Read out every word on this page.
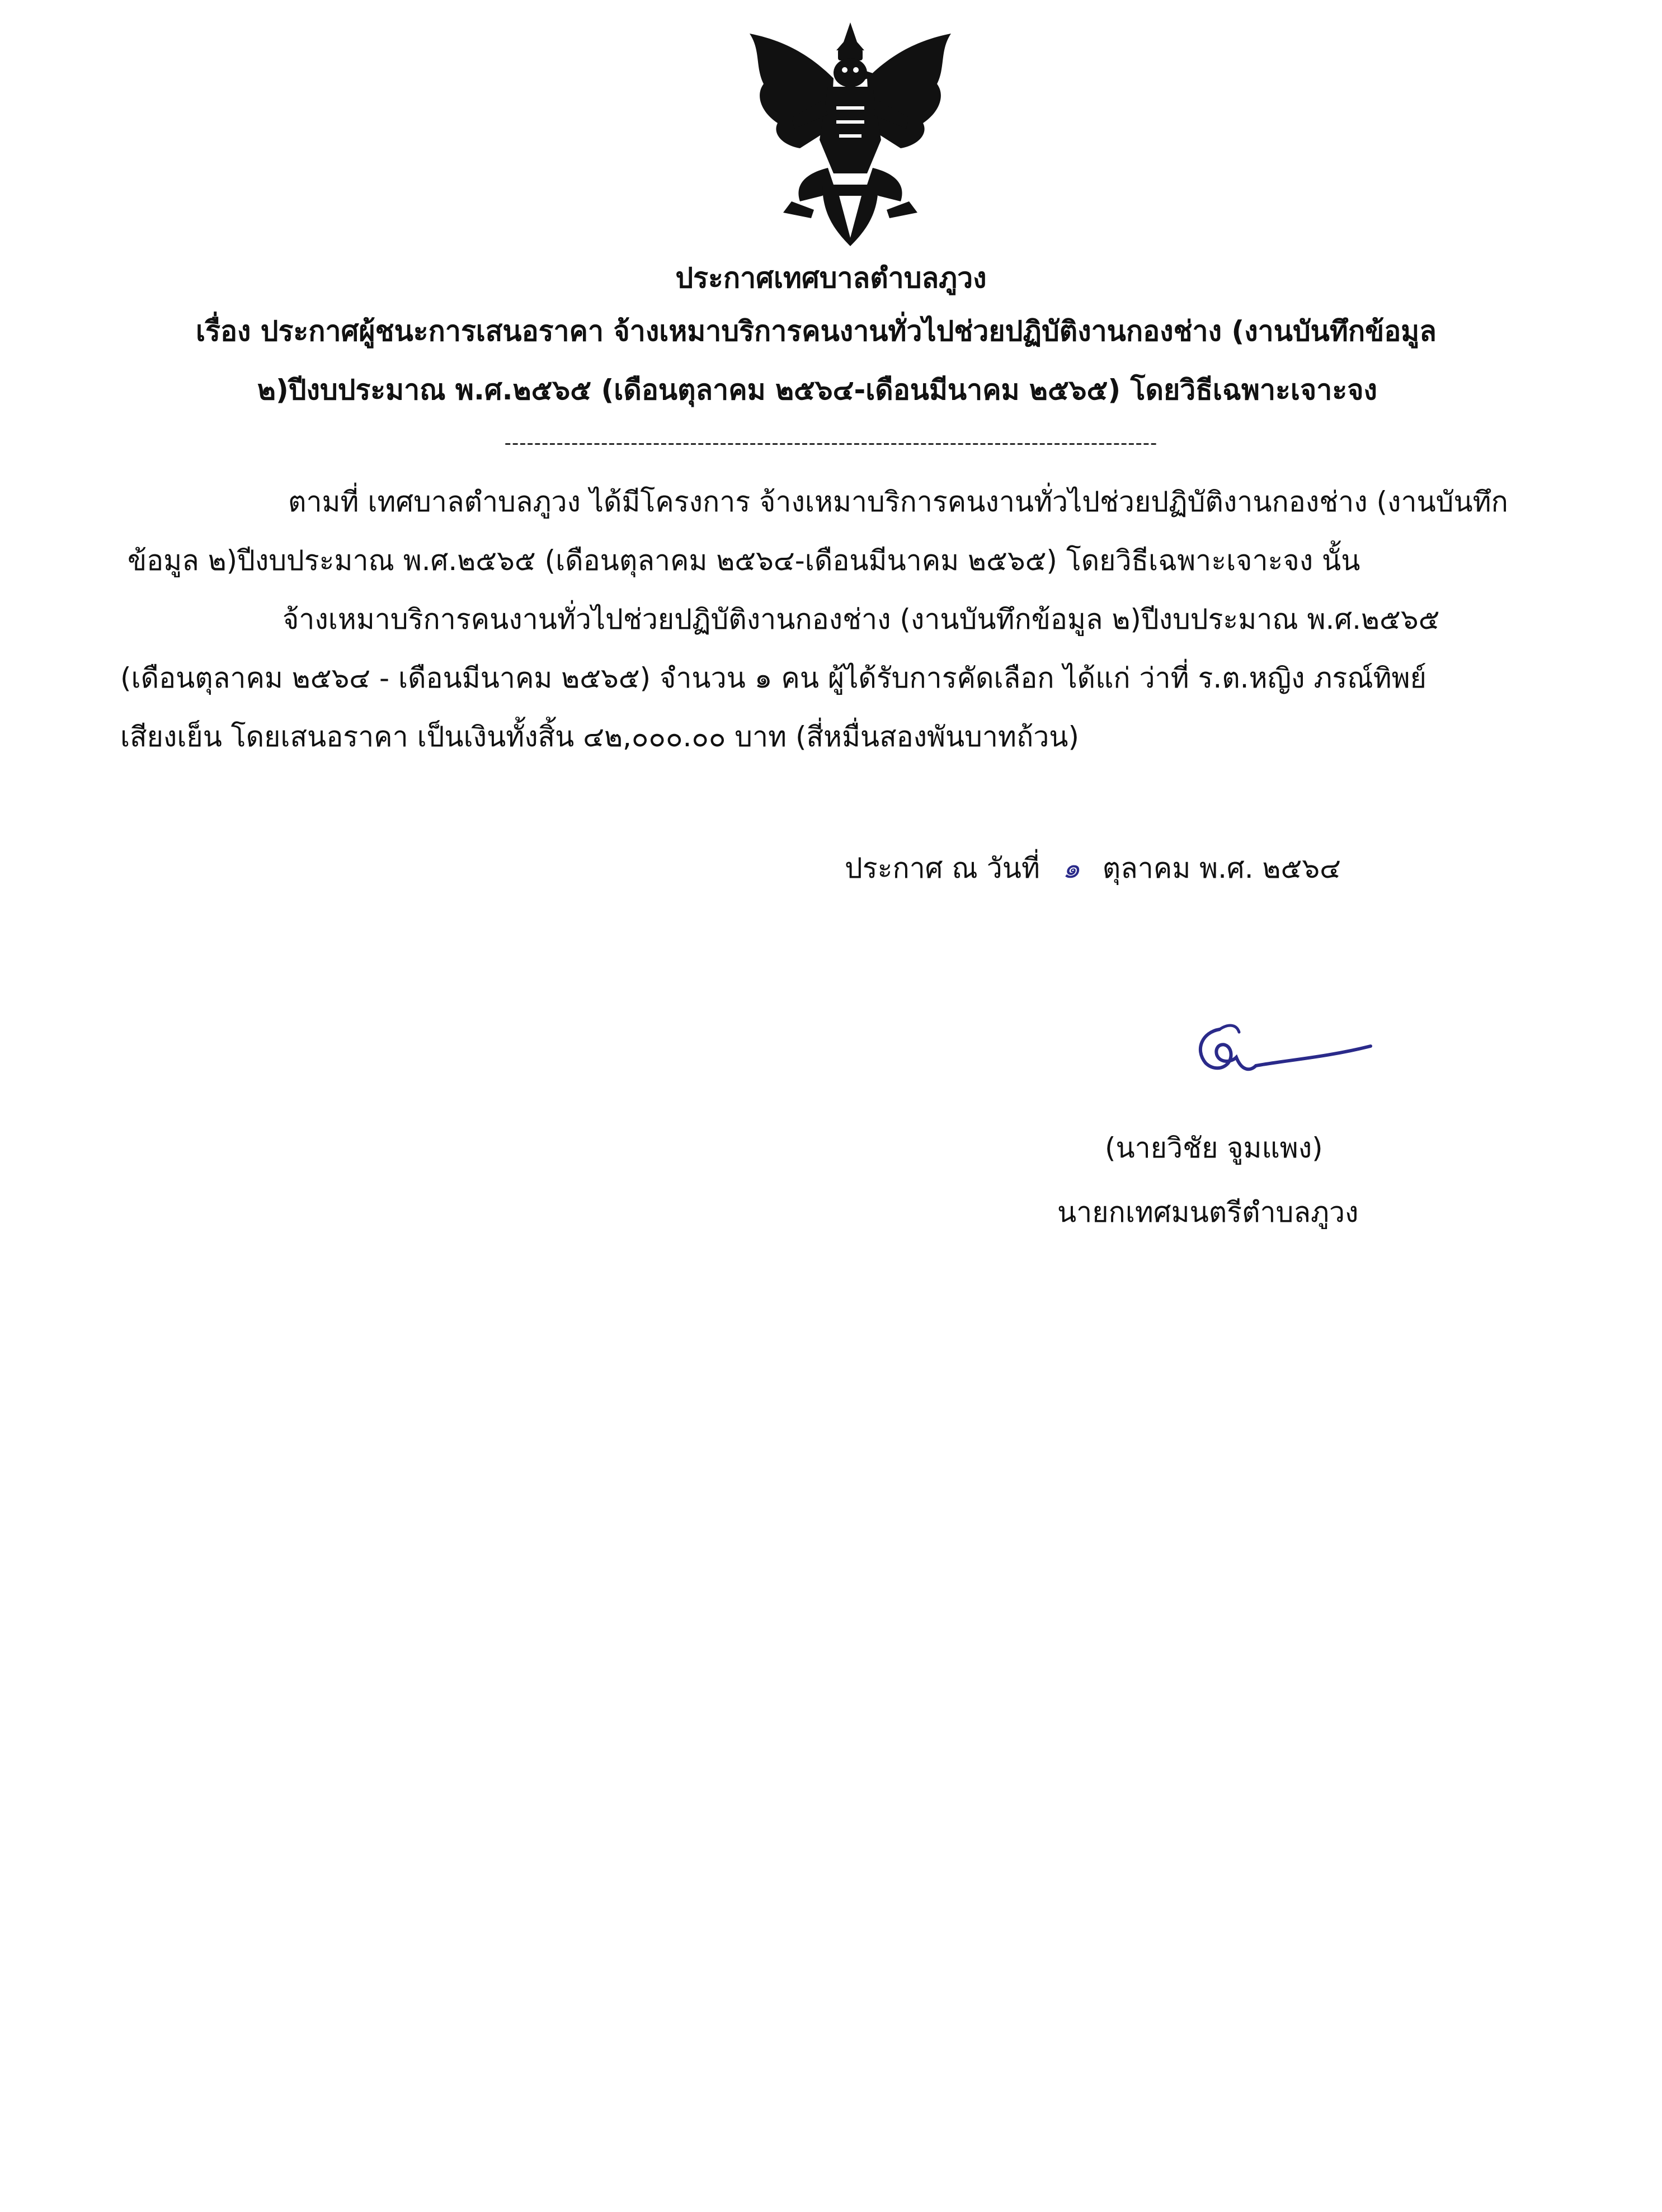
ประกาศเทศบาลตำบลภูวง
เรื่อง ประกาศผู้ชนะการเสนอราคา จ้างเหมาบริการคนงานทั่วไปช่วยปฏิบัติงานกองช่าง (งานบันทึกข้อมูล
๒)ปีงบประมาณ พ.ศ.๒๕๖๕ (เดือนตุลาคม ๒๕๖๔-เดือนมีนาคม ๒๕๖๕) โดยวิธีเฉพาะเจาะจง
----------------------------------------------------------------------------------------
ตามที่ เทศบาลตำบลภูวง ได้มีโครงการ จ้างเหมาบริการคนงานทั่วไปช่วยปฏิบัติงานกองช่าง (งานบันทึก
ข้อมูล ๒)ปีงบประมาณ พ.ศ.๒๕๖๕ (เดือนตุลาคม ๒๕๖๔-เดือนมีนาคม ๒๕๖๕) โดยวิธีเฉพาะเจาะจง นั้น
จ้างเหมาบริการคนงานทั่วไปช่วยปฏิบัติงานกองช่าง (งานบันทึกข้อมูล ๒)ปีงบประมาณ พ.ศ.๒๕๖๕
(เดือนตุลาคม ๒๕๖๔ - เดือนมีนาคม ๒๕๖๕) จำนวน ๑ คน ผู้ได้รับการคัดเลือก ได้แก่ ว่าที่ ร.ต.หญิง ภรณ์ทิพย์
เสียงเย็น โดยเสนอราคา เป็นเงินทั้งสิ้น ๔๒,๐๐๐.๐๐ บาท (สี่หมื่นสองพันบาทถ้วน)
ประกาศ ณ วันที่ ๑ ตุลาคม พ.ศ. ๒๕๖๔
(นายวิชัย จูมแพง)
นายกเทศมนตรีตำบลภูวง
